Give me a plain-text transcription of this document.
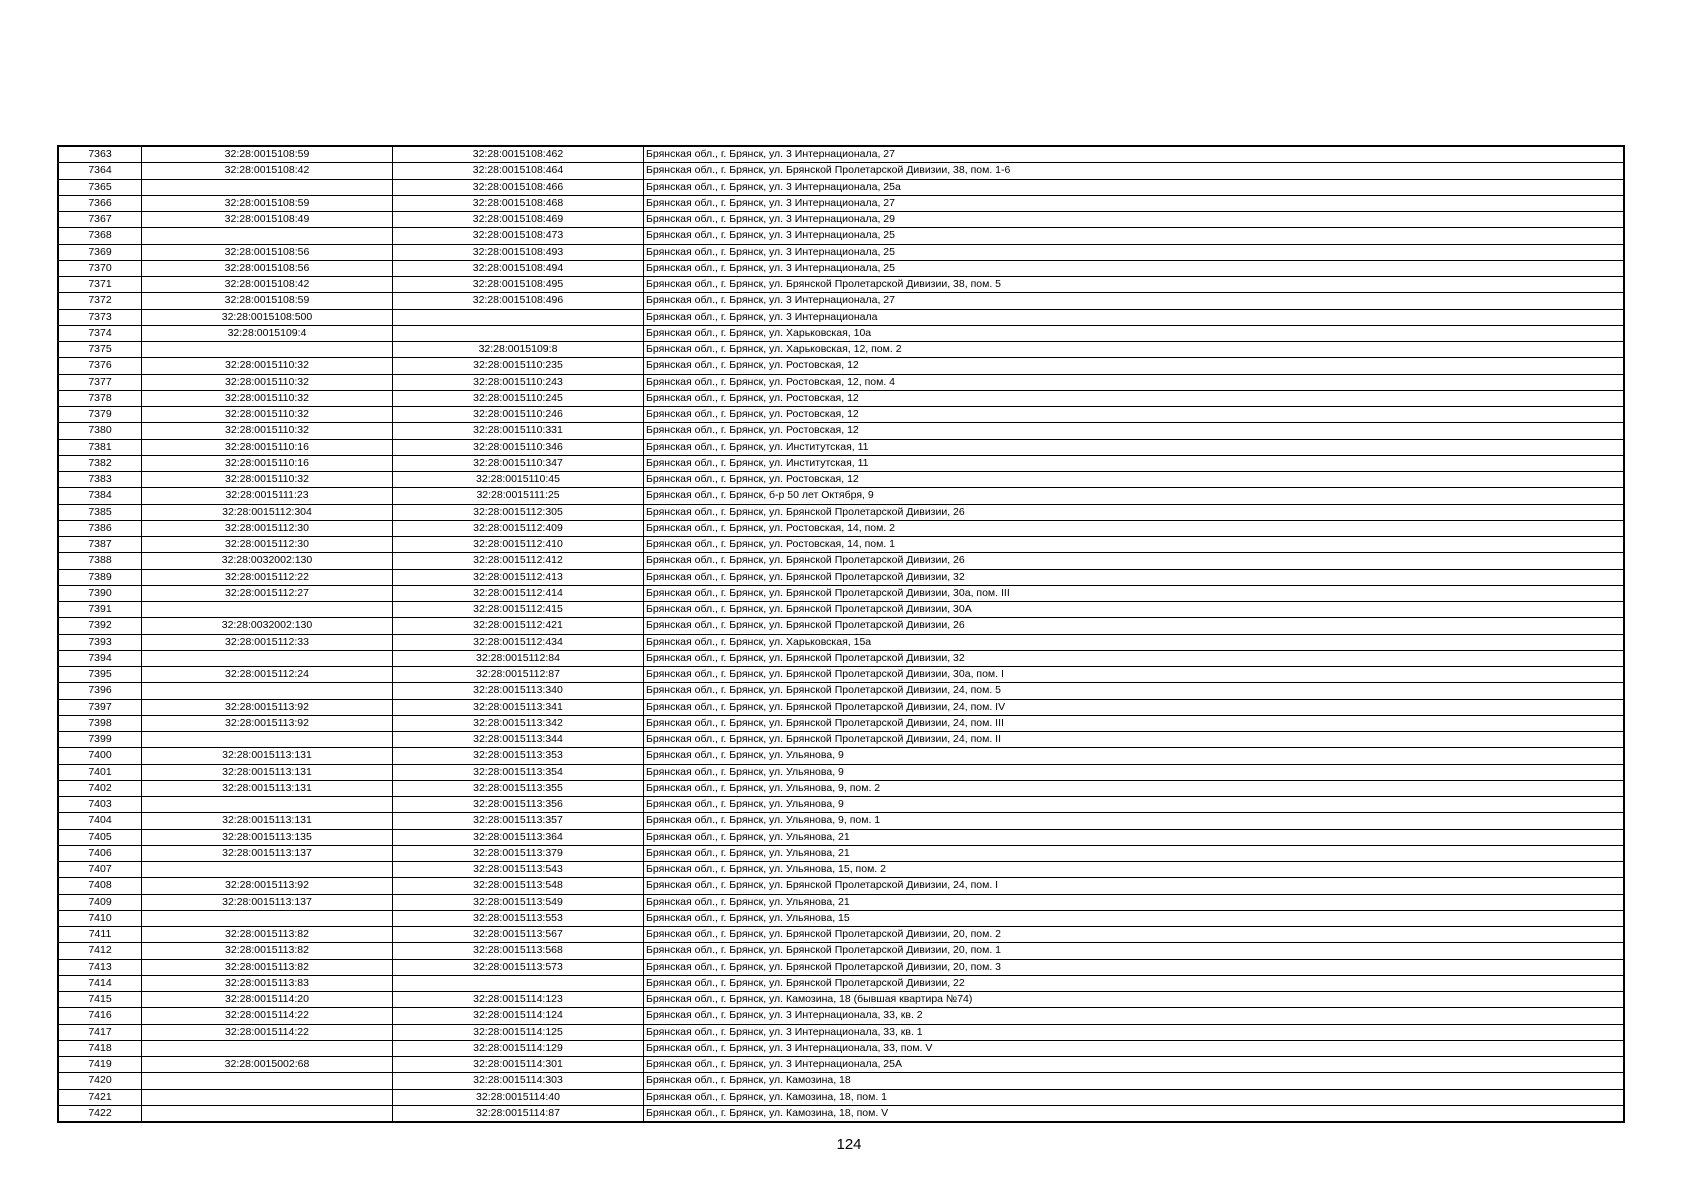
7363	32:28:0015108:59	32:28:0015108:462	Брянская обл., г. Брянск, ул. 3 Интернационала, 27
7364	32:28:0015108:42	32:28:0015108:464	Брянская обл., г. Брянск, ул. Брянской Пролетарской Дивизии, 38, пом. 1-6
7365		32:28:0015108:466	Брянская обл., г. Брянск, ул. 3 Интернационала, 25а
7366	32:28:0015108:59	32:28:0015108:468	Брянская обл., г. Брянск, ул. 3 Интернационала, 27
7367	32:28:0015108:49	32:28:0015108:469	Брянская обл., г. Брянск, ул. 3 Интернационала, 29
7368		32:28:0015108:473	Брянская обл., г. Брянск, ул. 3 Интернационала, 25
7369	32:28:0015108:56	32:28:0015108:493	Брянская обл., г. Брянск, ул. 3 Интернационала, 25
7370	32:28:0015108:56	32:28:0015108:494	Брянская обл., г. Брянск, ул. 3 Интернационала, 25
7371	32:28:0015108:42	32:28:0015108:495	Брянская обл., г. Брянск, ул. Брянской Пролетарской Дивизии, 38, пом. 5
7372	32:28:0015108:59	32:28:0015108:496	Брянская обл., г. Брянск, ул. 3 Интернационала, 27
7373	32:28:0015108:500		Брянская обл., г. Брянск, ул. 3 Интернационала
7374	32:28:0015109:4		Брянская обл., г. Брянск, ул. Харьковская, 10а
7375		32:28:0015109:8	Брянская обл., г. Брянск, ул. Харьковская, 12, пом. 2
7376	32:28:0015110:32	32:28:0015110:235	Брянская обл., г. Брянск, ул. Ростовская, 12
7377	32:28:0015110:32	32:28:0015110:243	Брянская обл., г. Брянск, ул. Ростовская, 12, пом. 4
7378	32:28:0015110:32	32:28:0015110:245	Брянская обл., г. Брянск, ул. Ростовская, 12
7379	32:28:0015110:32	32:28:0015110:246	Брянская обл., г. Брянск, ул. Ростовская, 12
7380	32:28:0015110:32	32:28:0015110:331	Брянская обл., г. Брянск, ул. Ростовская, 12
7381	32:28:0015110:16	32:28:0015110:346	Брянская обл., г. Брянск, ул. Институтская, 11
7382	32:28:0015110:16	32:28:0015110:347	Брянская обл., г. Брянск, ул. Институтская, 11
7383	32:28:0015110:32	32:28:0015110:45	Брянская обл., г. Брянск, ул. Ростовская, 12
7384	32:28:0015111:23	32:28:0015111:25	Брянская обл., г. Брянск, б-р 50 лет Октября, 9
7385	32:28:0015112:304	32:28:0015112:305	Брянская обл., г. Брянск, ул. Брянской Пролетарской Дивизии, 26
7386	32:28:0015112:30	32:28:0015112:409	Брянская обл., г. Брянск, ул. Ростовская, 14, пом. 2
7387	32:28:0015112:30	32:28:0015112:410	Брянская обл., г. Брянск, ул. Ростовская, 14, пом. 1
7388	32:28:0032002:130	32:28:0015112:412	Брянская обл., г. Брянск, ул. Брянской Пролетарской Дивизии, 26
7389	32:28:0015112:22	32:28:0015112:413	Брянская обл., г. Брянск, ул. Брянской Пролетарской Дивизии, 32
7390	32:28:0015112:27	32:28:0015112:414	Брянская обл., г. Брянск, ул. Брянской Пролетарской Дивизии, 30а, пом. III
7391		32:28:0015112:415	Брянская обл., г. Брянск, ул. Брянской Пролетарской Дивизии, 30А
7392	32:28:0032002:130	32:28:0015112:421	Брянская обл., г. Брянск, ул. Брянской Пролетарской Дивизии, 26
7393	32:28:0015112:33	32:28:0015112:434	Брянская обл., г. Брянск, ул. Харьковская, 15а
7394		32:28:0015112:84	Брянская обл., г. Брянск, ул. Брянской Пролетарской Дивизии, 32
7395	32:28:0015112:24	32:28:0015112:87	Брянская обл., г. Брянск, ул. Брянской Пролетарской Дивизии, 30а, пом. I
7396		32:28:0015113:340	Брянская обл., г. Брянск, ул. Брянской Пролетарской Дивизии, 24, пом. 5
7397	32:28:0015113:92	32:28:0015113:341	Брянская обл., г. Брянск, ул. Брянской Пролетарской Дивизии, 24, пом. IV
7398	32:28:0015113:92	32:28:0015113:342	Брянская обл., г. Брянск, ул. Брянской Пролетарской Дивизии, 24, пом. III
7399		32:28:0015113:344	Брянская обл., г. Брянск, ул. Брянской Пролетарской Дивизии, 24, пом. II
7400	32:28:0015113:131	32:28:0015113:353	Брянская обл., г. Брянск, ул. Ульянова, 9
7401	32:28:0015113:131	32:28:0015113:354	Брянская обл., г. Брянск, ул. Ульянова, 9
7402	32:28:0015113:131	32:28:0015113:355	Брянская обл., г. Брянск, ул. Ульянова, 9, пом. 2
7403		32:28:0015113:356	Брянская обл., г. Брянск, ул. Ульянова, 9
7404	32:28:0015113:131	32:28:0015113:357	Брянская обл., г. Брянск, ул. Ульянова, 9, пом. 1
7405	32:28:0015113:135	32:28:0015113:364	Брянская обл., г. Брянск, ул. Ульянова, 21
7406	32:28:0015113:137	32:28:0015113:379	Брянская обл., г. Брянск, ул. Ульянова, 21
7407		32:28:0015113:543	Брянская обл., г. Брянск, ул. Ульянова, 15, пом. 2
7408	32:28:0015113:92	32:28:0015113:548	Брянская обл., г. Брянск, ул. Брянской Пролетарской Дивизии, 24, пом. I
7409	32:28:0015113:137	32:28:0015113:549	Брянская обл., г. Брянск, ул. Ульянова, 21
7410		32:28:0015113:553	Брянская обл., г. Брянск, ул. Ульянова, 15
7411	32:28:0015113:82	32:28:0015113:567	Брянская обл., г. Брянск, ул. Брянской Пролетарской Дивизии, 20, пом. 2
7412	32:28:0015113:82	32:28:0015113:568	Брянская обл., г. Брянск, ул. Брянской Пролетарской Дивизии, 20, пом. 1
7413	32:28:0015113:82	32:28:0015113:573	Брянская обл., г. Брянск, ул. Брянской Пролетарской Дивизии, 20, пом. 3
7414	32:28:0015113:83		Брянская обл., г. Брянск, ул. Брянской Пролетарской Дивизии, 22
7415	32:28:0015114:20	32:28:0015114:123	Брянская обл., г. Брянск, ул. Камозина, 18 (бывшая квартира №74)
7416	32:28:0015114:22	32:28:0015114:124	Брянская обл., г. Брянск, ул. 3 Интернационала, 33, кв. 2
7417	32:28:0015114:22	32:28:0015114:125	Брянская обл., г. Брянск, ул. 3 Интернационала, 33, кв. 1
7418		32:28:0015114:129	Брянская обл., г. Брянск, ул. 3 Интернационала, 33, пом. V
7419	32:28:0015002:68	32:28:0015114:301	Брянская обл., г. Брянск, ул. 3 Интернационала, 25А
7420		32:28:0015114:303	Брянская обл., г. Брянск, ул. Камозина, 18
7421		32:28:0015114:40	Брянская обл., г. Брянск, ул. Камозина, 18, пом. 1
7422		32:28:0015114:87	Брянская обл., г. Брянск, ул. Камозина, 18, пом. V
124
